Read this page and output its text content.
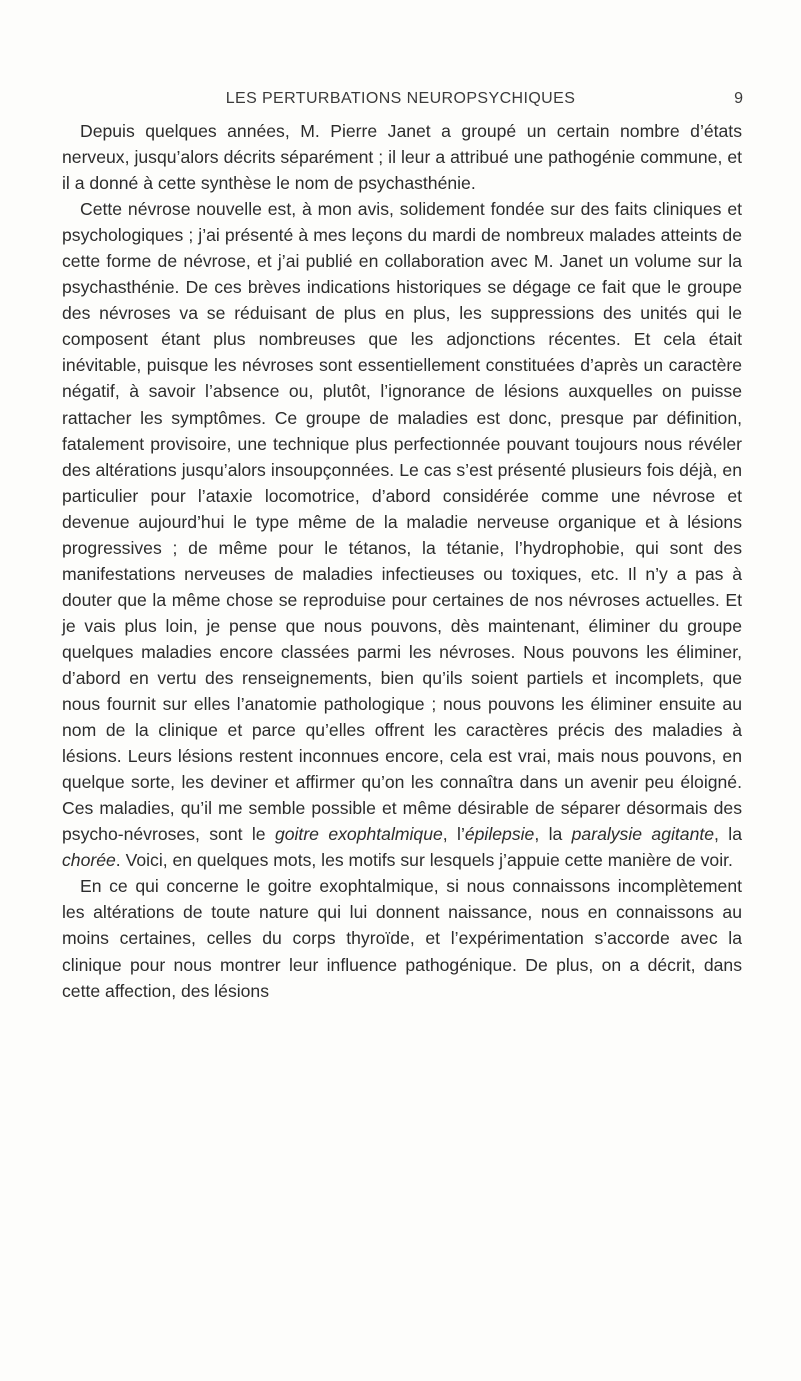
LES PERTURBATIONS NEUROPSYCHIQUES	9

Depuis quelques années, M. Pierre Janet a groupé un certain nombre d’états nerveux, jusqu’alors décrits séparément ; il leur a attribué une pathogénie commune, et il a donné à cette synthèse le nom de psychasthénie.

Cette névrose nouvelle est, à mon avis, solidement fondée sur des faits cliniques et psychologiques ; j’ai présenté à mes leçons du mardi de nombreux malades atteints de cette forme de névrose, et j’ai publié en collaboration avec M. Janet un volume sur la psychasthénie. De ces brèves indications historiques se dégage ce fait que le groupe des névroses va se réduisant de plus en plus, les suppressions des unités qui le composent étant plus nombreuses que les adjonctions récentes. Et cela était inévitable, puisque les névroses sont essentiellement constituées d’après un caractère négatif, à savoir l’absence ou, plutôt, l’ignorance de lésions auxquelles on puisse rattacher les symptômes. Ce groupe de maladies est donc, presque par définition, fatalement provisoire, une technique plus perfectionnée pouvant toujours nous révéler des altérations jusqu’alors insoupçonnées. Le cas s’est présenté plusieurs fois déjà, en particulier pour l’ataxie locomotrice, d’abord considérée comme une névrose et devenue aujourd’hui le type même de la maladie nerveuse organique et à lésions progressives ; de même pour le tétanos, la tétanie, l’hydrophobie, qui sont des manifestations nerveuses de maladies infectieuses ou toxiques, etc. Il n’y a pas à douter que la même chose se reproduise pour certaines de nos névroses actuelles. Et je vais plus loin, je pense que nous pouvons, dès maintenant, éliminer du groupe quelques maladies encore classées parmi les névroses. Nous pouvons les éliminer, d’abord en vertu des renseignements, bien qu’ils soient partiels et incomplets, que nous fournit sur elles l’anatomie pathologique ; nous pouvons les éliminer ensuite au nom de la clinique et parce qu’elles offrent les caractères précis des maladies à lésions. Leurs lésions restent inconnues encore, cela est vrai, mais nous pouvons, en quelque sorte, les deviner et affirmer qu’on les connaîtra dans un avenir peu éloigné. Ces maladies, qu’il me semble possible et même désirable de séparer désormais des psycho-névroses, sont le goitre exophtalmique, l’épilepsie, la paralysie agitante, la chorée. Voici, en quelques mots, les motifs sur lesquels j’appuie cette manière de voir.

En ce qui concerne le goitre exophtalmique, si nous connaissons incomplètement les altérations de toute nature qui lui donnent naissance, nous en connaissons au moins certaines, celles du corps thyroïde, et l’expérimentation s’accorde avec la clinique pour nous montrer leur influence pathogénique. De plus, on a décrit, dans cette affection, des lésions
